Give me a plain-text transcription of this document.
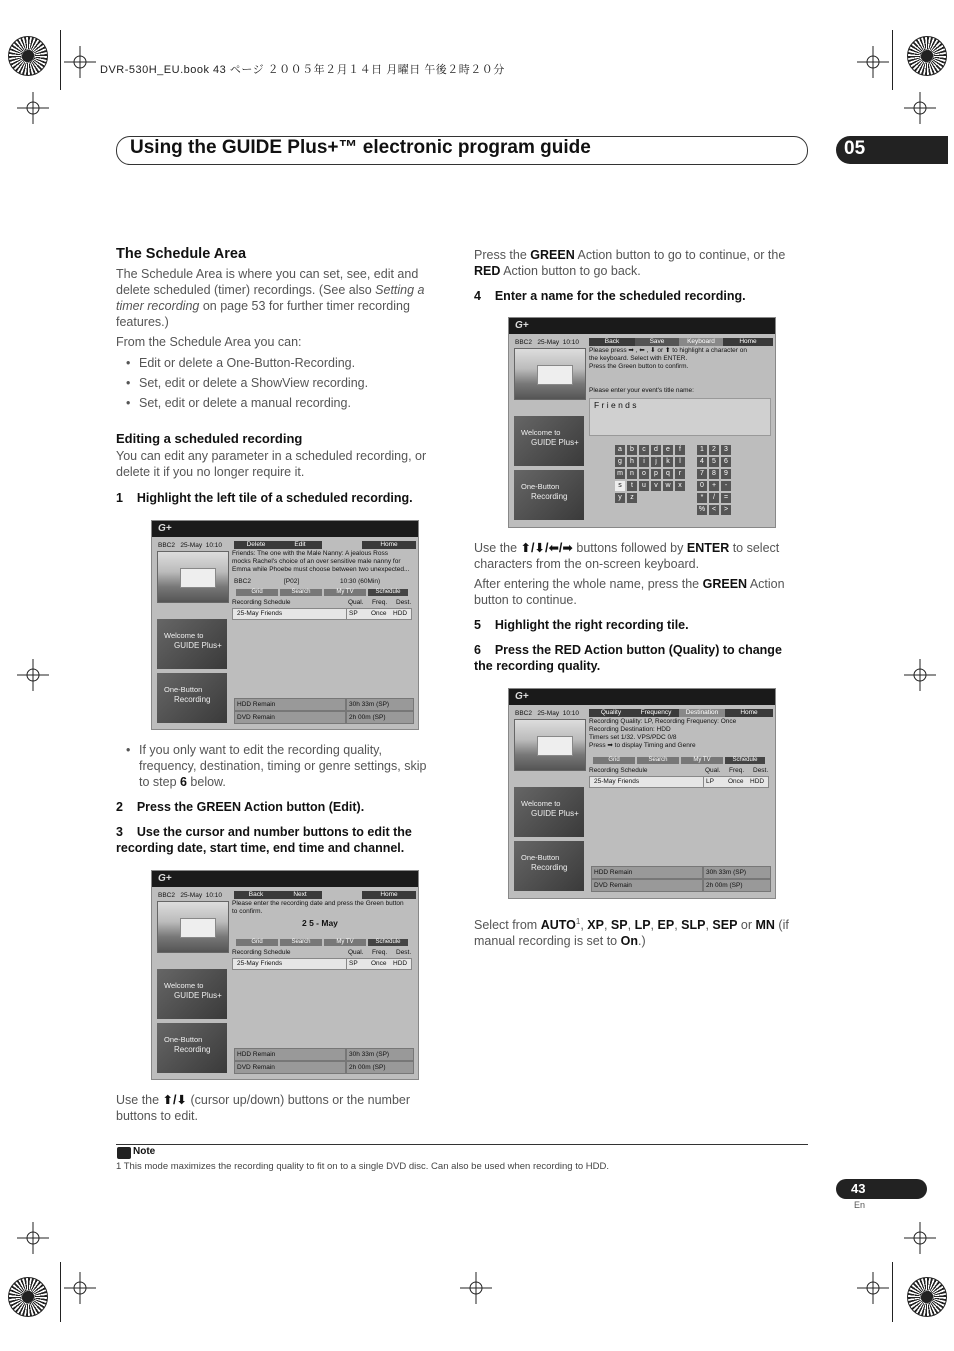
DVR-530H_EU.book 43 ページ ２００５年２月１４日 月曜日 午後２時２０分
Using the GUIDE Plus+™ electronic program guide	05
The Schedule Area
The Schedule Area is where you can set, see, edit and
delete scheduled (timer) recordings. (See also Setting a
timer recording on page 53 for further timer recording
features.)
From the Schedule Area you can:
• Edit or delete a One-Button-Recording.
• Set, edit or delete a ShowView recording.
• Set, edit or delete a manual recording.
Editing a scheduled recording
You can edit any parameter in a scheduled recording, or
delete it if you no longer require it.
1    Highlight the left tile of a scheduled recording.
G+
BBC2 25-May 10:10	Delete	Edit	Home
Friends: The one with the Male Nanny: A jealous Ross
mocks Rachel's choice of an over sensitive male nanny for
Emma while Phoebe must choose between two unexpected...
BBC2	[P02]	10:30 (60Min)
Grid	Search	My TV	Schedule
Recording Schedule	Qual. Freq. Dest.
25-May Friends	SP Once HDD
Welcome to
GUIDE Plus+
One-Button
Recording
HDD Remain	30h 33m (SP)
DVD Remain	2h 00m (SP)
• If you only want to edit the recording quality,
frequency, destination, timing or genre settings, skip
to step 6 below.
2    Press the GREEN Action button (Edit).
3    Use the cursor and number buttons to edit the
recording date, start time, end time and channel.
G+
BBC2 25-May 10:10	Back	Next	Home
Please enter the recording date and press the Green button
to confirm.
2 5 - May
Grid	Search	My TV	Schedule
Recording Schedule	Qual. Freq. Dest.
25-May Friends	SP Once HDD
Welcome to
GUIDE Plus+
One-Button
Recording
HDD Remain	30h 33m (SP)
DVD Remain	2h 00m (SP)
Use the ⬆/⬇ (cursor up/down) buttons or the number
buttons to edit.
Press the GREEN Action button to go to continue, or the
RED Action button to go back.
4    Enter a name for the scheduled recording.
G+
BBC2 25-May 10:10	Back	Save	Keyboard	Home
Please press ➡ , ⬅ , ⬇ or ⬆ to highlight a character on
the keyboard. Select with ENTER.
Press the Green button to confirm.
Please enter your event's title name:
F r i e n d s
Welcome to
GUIDE Plus+
One-Button
Recording
a	b	c	d	e	f
g	h	i	j	k	l
m	n	o	p	q	r
s	t	u	v	w	x
y	z
1	2	3
4	5	6
7	8	9
0	+	-
*	/	=
% <	>
Use the ⬆/⬇/⬅/➡ buttons followed by ENTER to select
characters from the on-screen keyboard.
After entering the whole name, press the GREEN Action
button to continue.
5    Highlight the right recording tile.
6    Press the RED Action button (Quality) to change
the recording quality.
G+
BBC2 25-May 10:10	Quality	Frequency	Destination	Home
Recording Quality: LP, Recording Frequency: Once
Recording Destination: HDD
Timers set 1/32. VPS/PDC 0/8
Press ➡ to display Timing and Genre
Grid	Search	My TV	Schedule
Recording Schedule	Qual. Freq. Dest.
25-May Friends	LP Once HDD
Welcome to
GUIDE Plus+
One-Button
Recording
HDD Remain	30h 33m (SP)
DVD Remain	2h 00m (SP)
Select from AUTO$^1$, XP, SP, LP, EP, SLP, SEP or MN (if
manual recording is set to On.)
Note
1 This mode maximizes the recording quality to fit on to a single DVD disc. Can also be used when recording to HDD.
43
En
